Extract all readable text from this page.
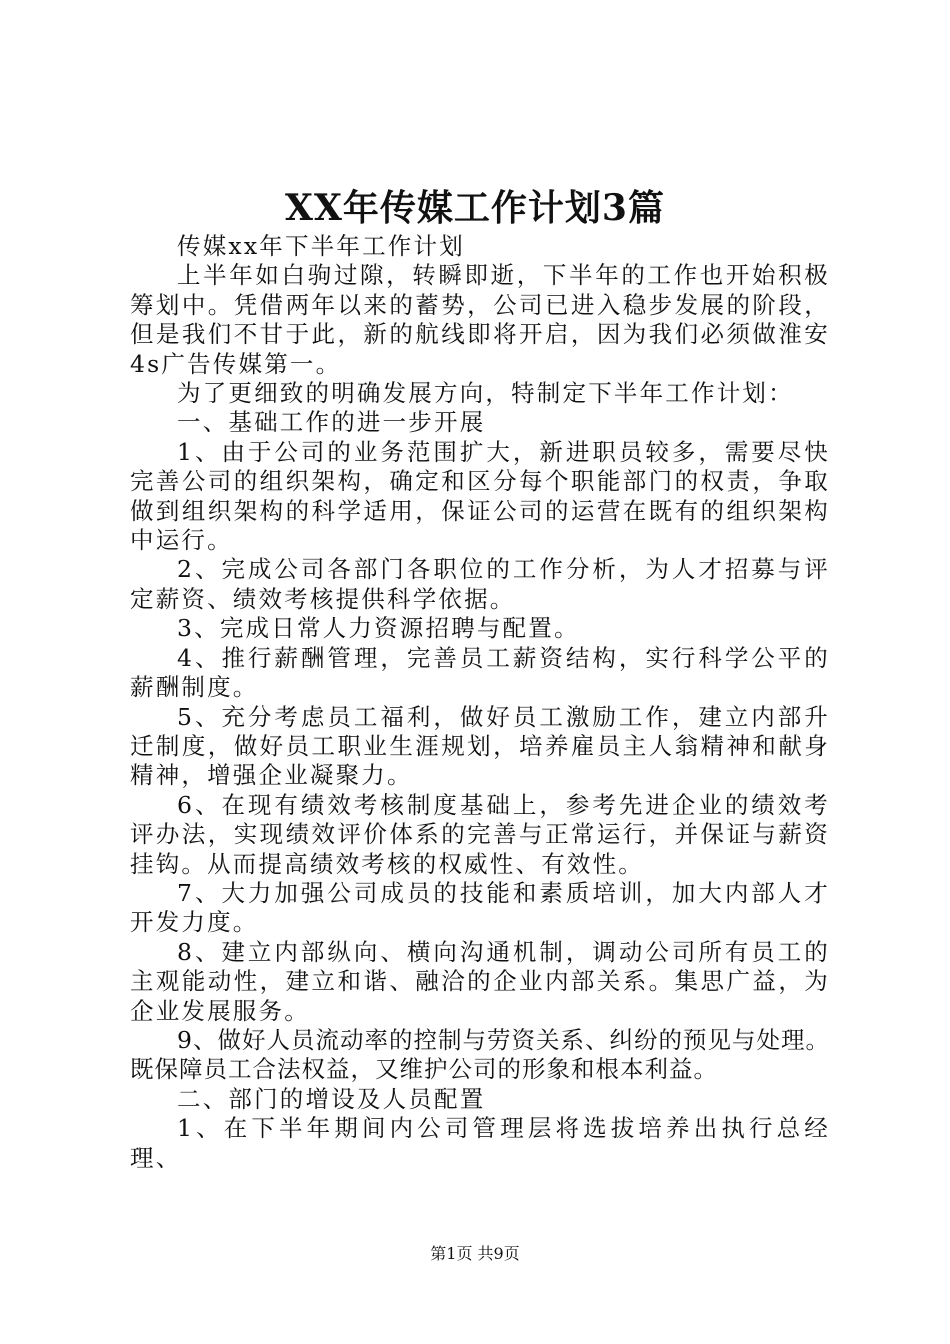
XX年传媒工作计划3篇

传媒xx年下半年工作计划

上半年如白驹过隙，转瞬即逝，下半年的工作也开始积极筹划中。凭借两年以来的蓄势，公司已进入稳步发展的阶段，但是我们不甘于此，新的航线即将开启，因为我们必须做淮安4s广告传媒第一。

为了更细致的明确发展方向，特制定下半年工作计划：

一、基础工作的进一步开展

1、由于公司的业务范围扩大，新进职员较多，需要尽快完善公司的组织架构，确定和区分每个职能部门的权责，争取做到组织架构的科学适用，保证公司的运营在既有的组织架构中运行。

2、完成公司各部门各职位的工作分析，为人才招募与评定薪资、绩效考核提供科学依据。

3、完成日常人力资源招聘与配置。

4、推行薪酬管理，完善员工薪资结构，实行科学公平的薪酬制度。

5、充分考虑员工福利，做好员工激励工作，建立内部升迁制度，做好员工职业生涯规划，培养雇员主人翁精神和献身精神，增强企业凝聚力。

6、在现有绩效考核制度基础上，参考先进企业的绩效考评办法，实现绩效评价体系的完善与正常运行，并保证与薪资挂钩。从而提高绩效考核的权威性、有效性。

7、大力加强公司成员的技能和素质培训，加大内部人才开发力度。

8、建立内部纵向、横向沟通机制，调动公司所有员工的主观能动性，建立和谐、融洽的企业内部关系。集思广益，为企业发展服务。

9、做好人员流动率的控制与劳资关系、纠纷的预见与处理。既保障员工合法权益，又维护公司的形象和根本利益。

二、部门的增设及人员配置

1、在下半年期间内公司管理层将选拔培养出执行总经理、

第1页 共9页
